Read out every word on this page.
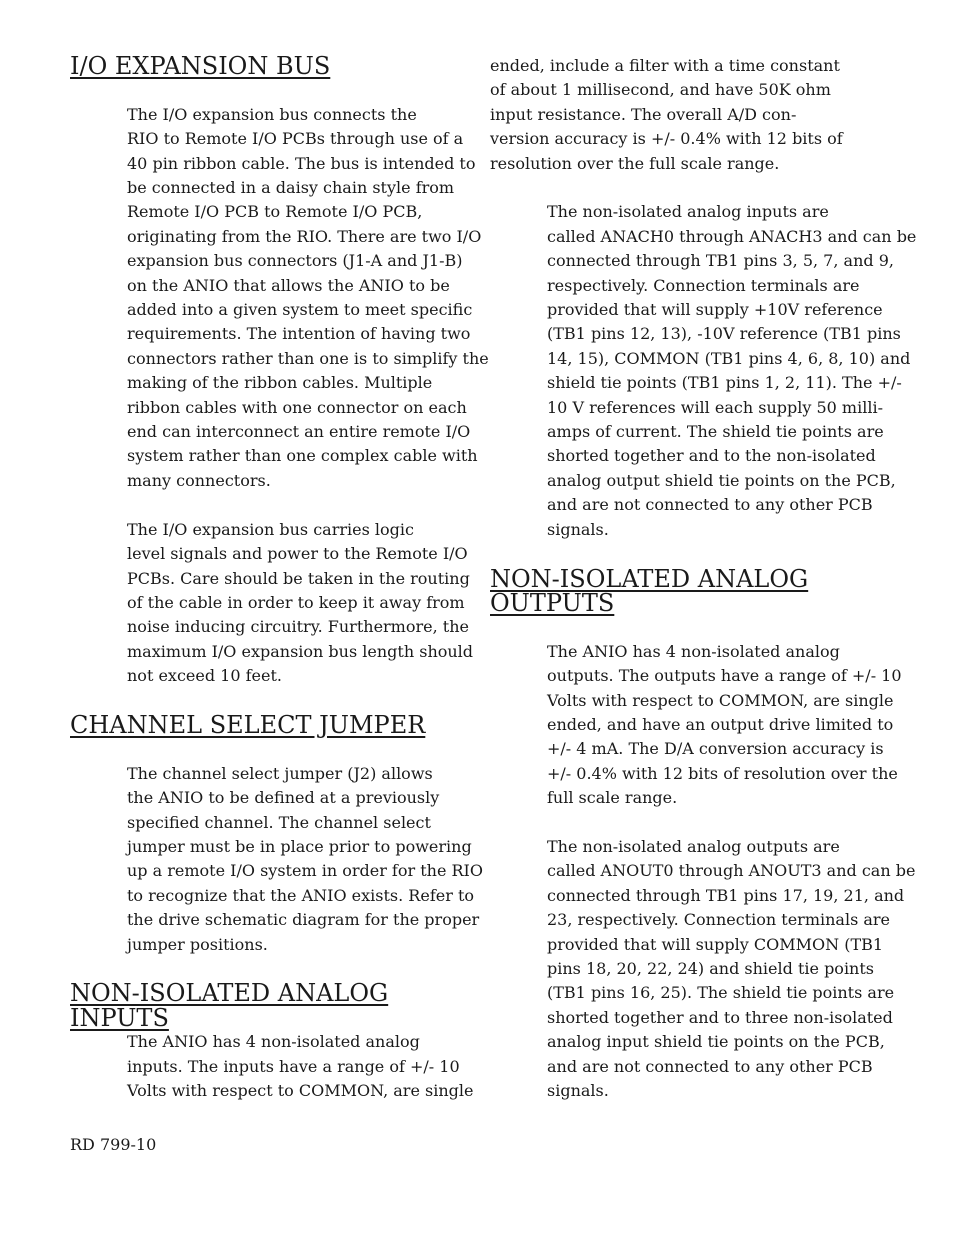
I/O EXPANSION BUS

The I/O expansion bus connects the
RIO to Remote I/O PCBs through use of a
40 pin ribbon cable. The bus is intended to
be connected in a daisy chain style from
Remote I/O PCB to Remote I/O PCB,
originating from the RIO. There are two I/O
expansion bus connectors (J1-A and J1-B)
on the ANIO that allows the ANIO to be
added into a given system to meet specific
requirements. The intention of having two
connectors rather than one is to simplify the
making of the ribbon cables. Multiple
ribbon cables with one connector on each
end can interconnect an entire remote I/O
system rather than one complex cable with
many connectors.

The I/O expansion bus carries logic
level signals and power to the Remote I/O
PCBs. Care should be taken in the routing
of the cable in order to keep it away from
noise inducing circuitry. Furthermore, the
maximum I/O expansion bus length should
not exceed 10 feet.

CHANNEL SELECT JUMPER

The channel select jumper (J2) allows
the ANIO to be defined at a previously
specified channel. The channel select
jumper must be in place prior to powering
up a remote I/O system in order for the RIO
to recognize that the ANIO exists. Refer to
the drive schematic diagram for the proper
jumper positions.

NON-ISOLATED ANALOG INPUTS

The ANIO has 4 non-isolated analog
inputs. The inputs have a range of +/- 10
Volts with respect to COMMON, are single

ended, include a filter with a time constant
of about 1 millisecond, and have 50K ohm
input resistance. The overall A/D con-
version accuracy is +/- 0.4% with 12 bits of
resolution over the full scale range.

The non-isolated analog inputs are
called ANACH0 through ANACH3 and can be
connected through TB1 pins 3, 5, 7, and 9,
respectively. Connection terminals are
provided that will supply +10V reference
(TB1 pins 12, 13), -10V reference (TB1 pins
14, 15), COMMON (TB1 pins 4, 6, 8, 10) and
shield tie points (TB1 pins 1, 2, 11). The +/-
10 V references will each supply 50 milli-
amps of current. The shield tie points are
shorted together and to the non-isolated
analog output shield tie points on the PCB,
and are not connected to any other PCB
signals.

NON-ISOLATED ANALOG OUTPUTS

The ANIO has 4 non-isolated analog
outputs. The outputs have a range of +/- 10
Volts with respect to COMMON, are single
ended, and have an output drive limited to
+/- 4 mA. The D/A conversion accuracy is
+/- 0.4% with 12 bits of resolution over the
full scale range.

The non-isolated analog outputs are
called ANOUT0 through ANOUT3 and can be
connected through TB1 pins 17, 19, 21, and
23, respectively. Connection terminals are
provided that will supply COMMON (TB1
pins 18, 20, 22, 24) and shield tie points
(TB1 pins 16, 25). The shield tie points are
shorted together and to three non-isolated
analog input shield tie points on the PCB,
and are not connected to any other PCB
signals.

RD 799-10
